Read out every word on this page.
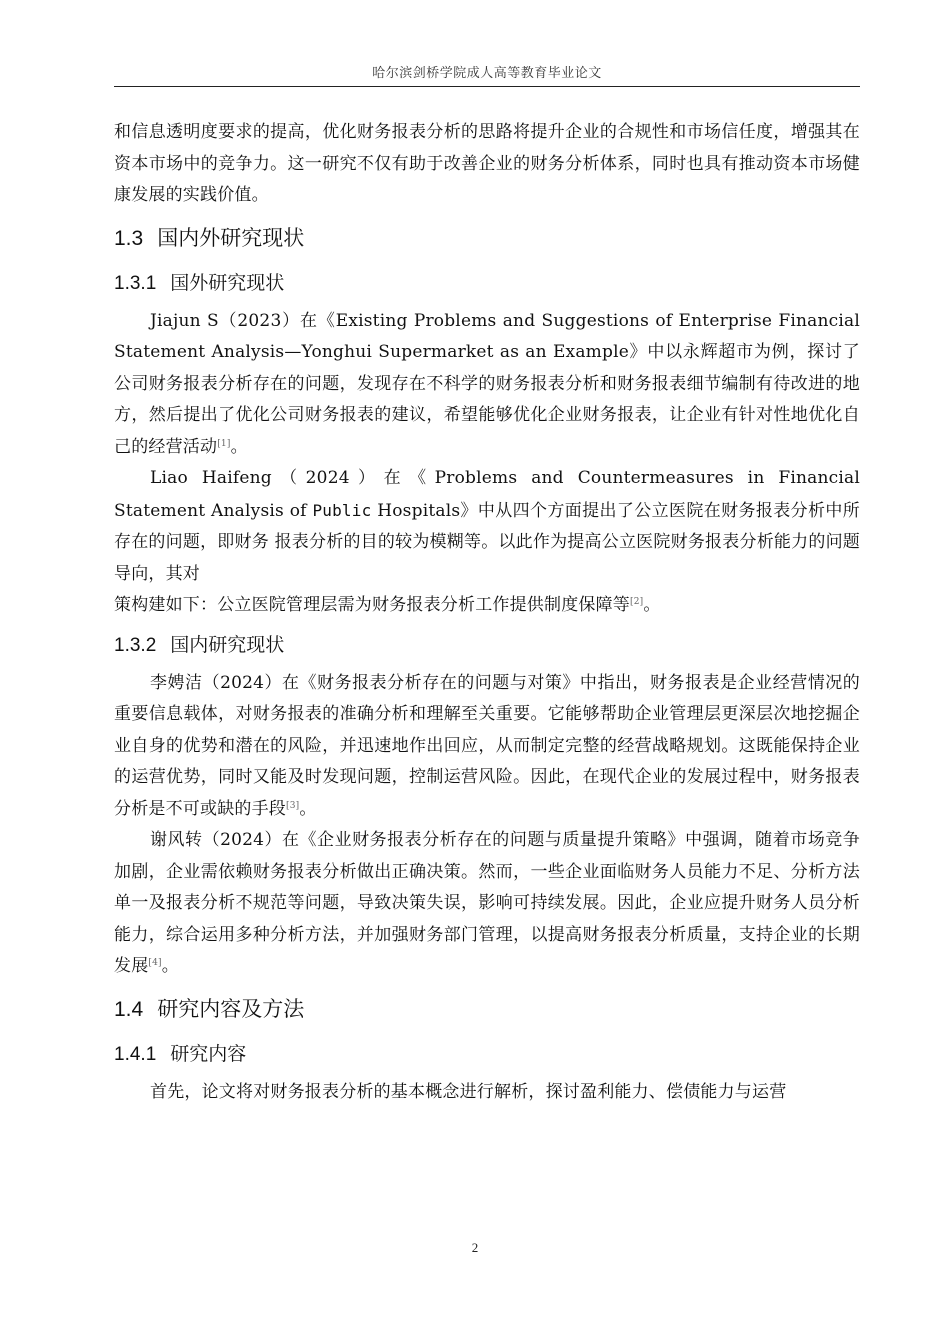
哈尔滨剑桥学院成人高等教育毕业论文

和信息透明度要求的提高，优化财务报表分析的思路将提升企业的合规性和市场信任度，增强其在资本市场中的竞争力。这一研究不仅有助于改善企业的财务分析体系，同时也具有推动资本市场健康发展的实践价值。

1.3 国内外研究现状
1.3.1 国外研究现状

Jiajun S（2023）在《Existing Problems and Suggestions of Enterprise Financial Statement Analysis—Yonghui Supermarket as an Example》中以永辉超市为例，探讨了公司财务报表分析存在的问题，发现存在不科学的财务报表分析和财务报表细节编制有待改进的地方，然后提出了优化公司财务报表的建议，希望能够优化企业财务报表，让企业有针对性地优化自己的经营活动[1]。

Liao Haifeng（2024）在《Problems and Countermeasures in Financial Statement Analysis of Public Hospitals》中从四个方面提出了公立医院在财务报表分析中所存在的问题，即财务 报表分析的目的较为模糊等。以此作为提高公立医院财务报表分析能力的问题导向，其对

策构建如下：公立医院管理层需为财务报表分析工作提供制度保障等[2]。

1.3.2 国内研究现状

李娉洁（2024）在《财务报表分析存在的问题与对策》中指出，财务报表是企业经营情况的重要信息载体，对财务报表的准确分析和理解至关重要。它能够帮助企业管理层更深层次地挖掘企业自身的优势和潜在的风险，并迅速地作出回应，从而制定完整的经营战略规划。这既能保持企业的运营优势，同时又能及时发现问题，控制运营风险。因此，在现代企业的发展过程中，财务报表分析是不可或缺的手段[3]。

谢风转（2024）在《企业财务报表分析存在的问题与质量提升策略》中强调，随着市场竞争加剧，企业需依赖财务报表分析做出正确决策。然而，一些企业面临财务人员能力不足、分析方法单一及报表分析不规范等问题，导致决策失误，影响可持续发展。因此，企业应提升财务人员分析能力，综合运用多种分析方法，并加强财务部门管理，以提高财务报表分析质量，支持企业的长期发展[4]。

1.4 研究内容及方法
1.4.1 研究内容

首先，论文将对财务报表分析的基本概念进行解析，探讨盈利能力、偿债能力与运营

2
